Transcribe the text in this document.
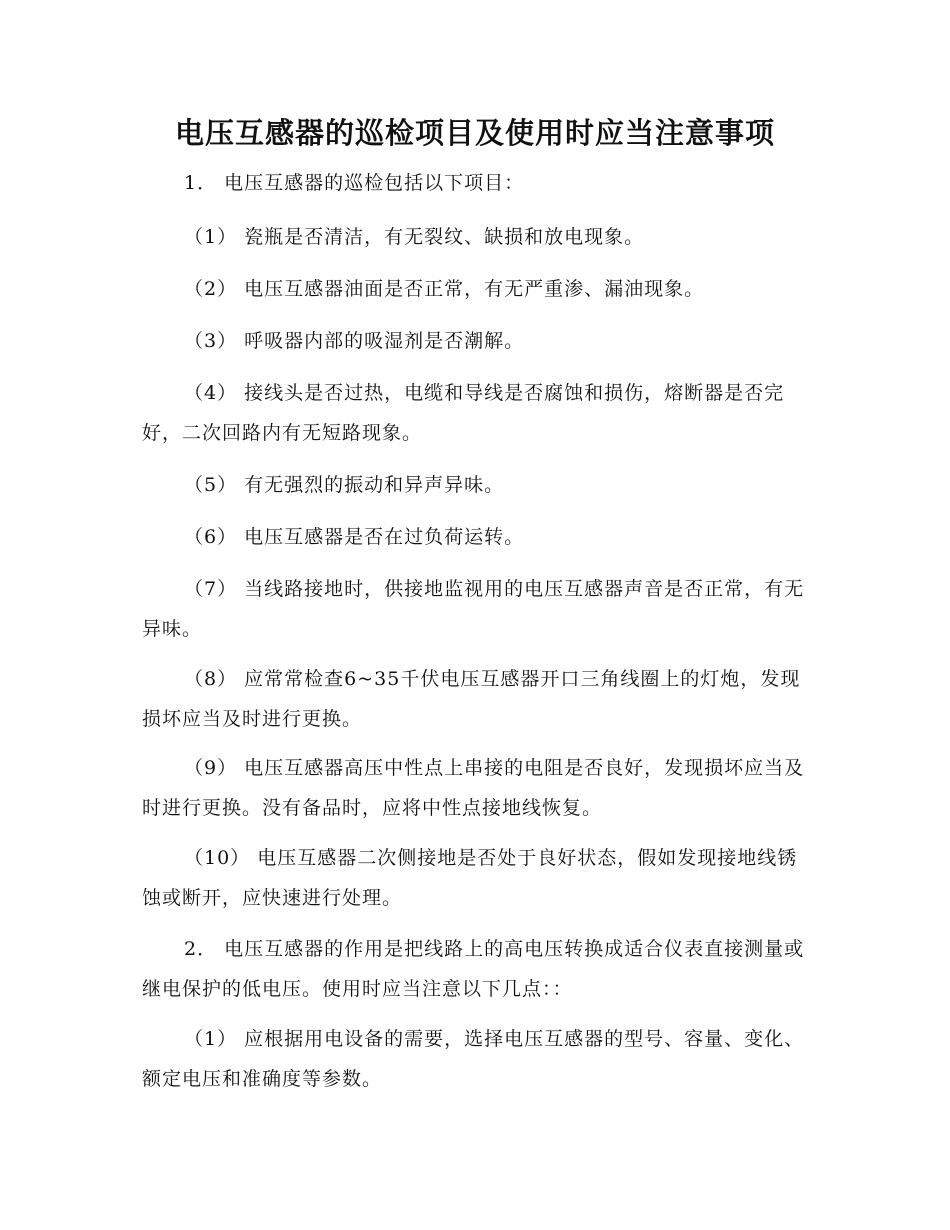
电压互感器的巡检项目及使用时应当注意事项

1． 电压互感器的巡检包括以下项目：

（1） 瓷瓶是否清洁，有无裂纹、缺损和放电现象。

（2） 电压互感器油面是否正常，有无严重渗、漏油现象。

（3） 呼吸器内部的吸湿剂是否潮解。

（4） 接线头是否过热，电缆和导线是否腐蚀和损伤，熔断器是否完好，二次回路内有无短路现象。

（5） 有无强烈的振动和异声异味。

（6） 电压互感器是否在过负荷运转。

（7） 当线路接地时，供接地监视用的电压互感器声音是否正常，有无异味。

（8） 应常常检查6~35千伏电压互感器开口三角线圈上的灯炮，发现损坏应当及时进行更换。

（9） 电压互感器高压中性点上串接的电阻是否良好，发现损坏应当及时进行更换。没有备品时，应将中性点接地线恢复。

（10） 电压互感器二次侧接地是否处于良好状态，假如发现接地线锈蚀或断开，应快速进行处理。

2． 电压互感器的作用是把线路上的高电压转换成适合仪表直接测量或继电保护的低电压。使用时应当注意以下几点：：

（1） 应根据用电设备的需要，选择电压互感器的型号、容量、变化、额定电压和准确度等参数。
